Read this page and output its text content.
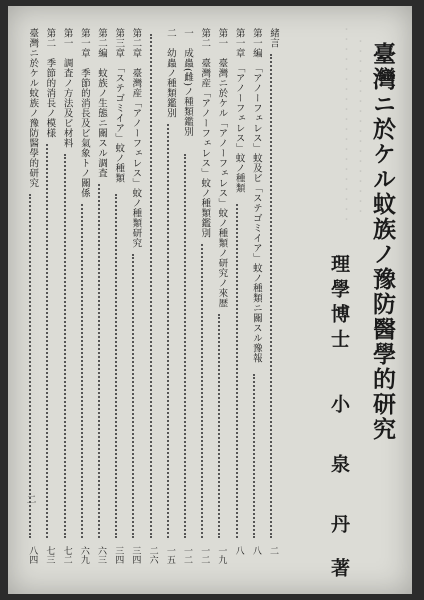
・・・・・・・・・・・・・・・・・・・・ ・・・・・・・・・・・・・・・・・・ 臺灣ニ於ケル蚊族ノ豫防醫學的研究
理學博士
小
泉
丹
著
緒言
二
第一編　「アノーフェレス」蚊及ビ「ステゴミイア」蚊ノ種類ニ關スル豫報
八
第一章　「アノーフェレス」蚊ノ種類
八
第一　臺灣ニ於ケル「アノーフェレス」蚊ノ種類ノ研究ノ來歴
一九
第二　臺灣産「アノーフェレス」蚊ノ種類鑑別
一二
一　成蟲(雌)ノ種類鑑別
一二
二　幼蟲ノ種類鑑別
一五
二六
第二章　臺灣産「アノーフェレス」蚊ノ種類研究
三四
第三章　「ステゴミイア」蚊ノ種類
三四
第二編　蚊族ノ生態ニ關スル調査
六三
第一章　季節的消長及ビ氣象トノ關係
六九
第一　調査ノ方法及ビ材料
七二
第二　季節的消長ノ模様
七三
臺灣ニ於ケル蚊族ノ豫防醫學的研究
八四
二
